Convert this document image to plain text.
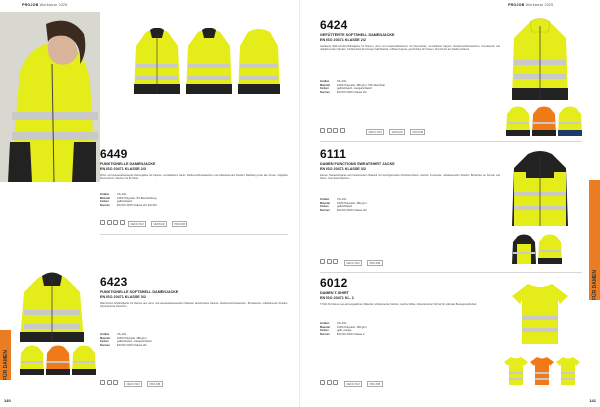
PROJOB Workwear 2025
6449
FUNKTIONELLE DAMENJACKE
EN ISO 20471 KLASSE 2/3
Wind- und wasserabweisende Damenjacke mit Kapuze, verstellbarem Saum, Reißverschlusstaschen und reflektierenden Streifen, Belüftung unter den Armen, doppelter Sturmschutz, Taschen für ID-Karte.
Größen	XS–3XL
Material	100% Polyester, PU-Beschichtung
Farben	gelb/schwarz
Normen	EN ISO 20471 Klasse 2/3, EN 343
OEKO-TEX	VENTAIR	PROJOB
6423
FUNKTIONELLE SOFTSHELL DAMENJACKE
EN ISO 20471 KLASSE 3/2
Warnschutz-Softshelljacke für Damen aus wind- und wasserabweisendem Material, abnehmbare Kapuze, Reißverschlusstaschen, Brusttasche, reflektierende Streifen, körperbetonte Passform.
Größen	XS–3XL
Material	100% Polyester, 280 g/m²
Farben	gelb/schwarz, orange/schwarz
Normen	EN ISO 20471 Klasse 3/2
OEKO-TEX	PROJOB
FÜR DAMEN
140
PROJOB Workwear 2025
6424
GEFÜTTERTE SOFTSHELL DAMENJACKE
EN ISO 20471 KLASSE 2/2
Gefütterte Warnschutzsoftshelljacke für Damen, wind- und wasserabweisend, mit Fleecefutter, verstellbarer Kapuze, Reißverschlusstaschen, Innentasche und reflektierenden Streifen, Farbkontrast für bessere Sichtbarkeit, rollbare Kapuze, geschnitten für Frauen, Kinnschutz am Reißverschluss.
Größen	XS–3XL
Material	100% Polyester, 280 g/m², TPU-Membran
Farben	gelb/schwarz, orange/schwarz
Normen	EN ISO 20471 Klasse 2/2
OEKO-TEX	VENTAIR	PROJOB
6111
DAMEN FUNCTIONS SWEATSHIRT JACKE
EN ISO 20471 KLASSE 3/2
Damen Sweatshirtjacke aus funktionellem Material mit durchgehendem Reißverschluss, weicher Innenseite, reflektierenden Streifen, Bündchen an Ärmeln und Saum, zwei Seitentaschen.
Größen	XS–3XL
Material	100% Polyester, 280 g/m²
Farben	gelb/schwarz
Normen	EN ISO 20471 Klasse 3/2
OEKO-TEX	PROJOB
6012
DAMEN T-SHIRT
EN ISO 20471 KL. 2
T-Shirt für Damen aus atmungsaktivem Material, reflektierende Streifen, weiche Nähte, körperbetonter Schnitt für optimale Bewegungsfreiheit.
Größen	XS–3XL
Material	100% Polyester, 150 g/m²
Farben	gelb, orange
Normen	EN ISO 20471 Klasse 2
OEKO-TEX	PROJOB
FÜR DAMEN
141
